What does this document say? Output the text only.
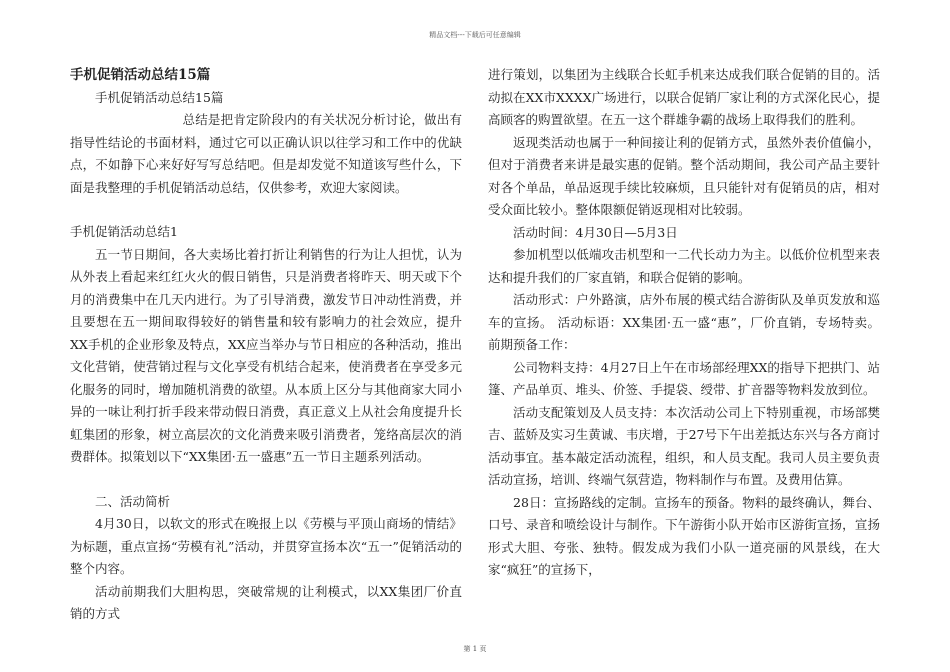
精品文档---下载后可任意编辑

手机促销活动总结15篇

手机促销活动总结15篇

总结是把肯定阶段内的有关状况分析讨论，做出有指导性结论的书面材料，通过它可以正确认识以往学习和工作中的优缺点，不如静下心来好好写写总结吧。但是却发觉不知道该写些什么，下面是我整理的手机促销活动总结，仅供参考，欢迎大家阅读。

手机促销活动总结1

五一节日期间，各大卖场比着打折让利销售的行为让人担忧，认为从外表上看起来红红火火的假日销售，只是消费者将昨天、明天或下个月的消费集中在几天内进行。为了引导消费，激发节日冲动性消费，并且要想在五一期间取得较好的销售量和较有影响力的社会效应，提升XX手机的企业形象及特点，XX应当举办与节日相应的各种活动，推出文化营销，使营销过程与文化享受有机结合起来，使消费者在享受多元化服务的同时，增加随机消费的欲望。从本质上区分与其他商家大同小异的一味让利打折手段来带动假日消费，真正意义上从社会角度提升长虹集团的形象，树立高层次的文化消费来吸引消费者，笼络高层次的消费群体。拟策划以下“XX集团·五一盛惠”五一节日主题系列活动。

二、活动简析

4月30日，以软文的形式在晚报上以《劳模与平顶山商场的情结》为标题，重点宣扬“劳模有礼”活动，并贯穿宣扬本次“五一”促销活动的整个内容。

活动前期我们大胆构思，突破常规的让利模式，以XX集团厂价直销的方式

进行策划，以集团为主线联合长虹手机来达成我们联合促销的目的。活动拟在XX市XXXX广场进行，以联合促销厂家让利的方式深化民心，提高顾客的购置欲望。在五一这个群雄争霸的战场上取得我们的胜利。

返现类活动也属于一种间接让利的促销方式，虽然外表价值偏小，但对于消费者来讲是最实惠的促销。整个活动期间，我公司产品主要针对各个单品，单品返现手续比较麻烦，且只能针对有促销员的店，相对受众面比较小。整体限额促销返现相对比较弱。

活动时间：4月30日—5月3日

参加机型以低端攻击机型和一二代长动力为主。以低价位机型来表达和提升我们的厂家直销，和联合促销的影响。

活动形式：户外路演，店外布展的模式结合游街队及单页发放和巡车的宣扬。 活动标语：XX集团·五一盛“惠”，厂价直销，专场特卖。 前期预备工作：

公司物料支持：4月27日上午在市场部经理XX的指导下把拱门、站篷、产品单页、堆头、价签、手提袋、绶带、扩音器等物料发放到位。

活动支配策划及人员支持：本次活动公司上下特别重视，市场部樊吉、蓝娇及实习生黄诚、韦庆增，于27号下午出差抵达东兴与各方商讨活动事宜。基本敲定活动流程，组织，和人员支配。我司人员主要负责活动宣扬，培训、终端气氛营造，物料制作与布置。及费用估算。

28日：宣扬路线的定制。宣扬车的预备。物料的最终确认，舞台、口号、录音和喷绘设计与制作。下午游街小队开始市区游街宣扬，宣扬形式大胆、夸张、独特。假发成为我们小队一道亮丽的风景线，在大家“疯狂”的宣扬下，

第 1 页
